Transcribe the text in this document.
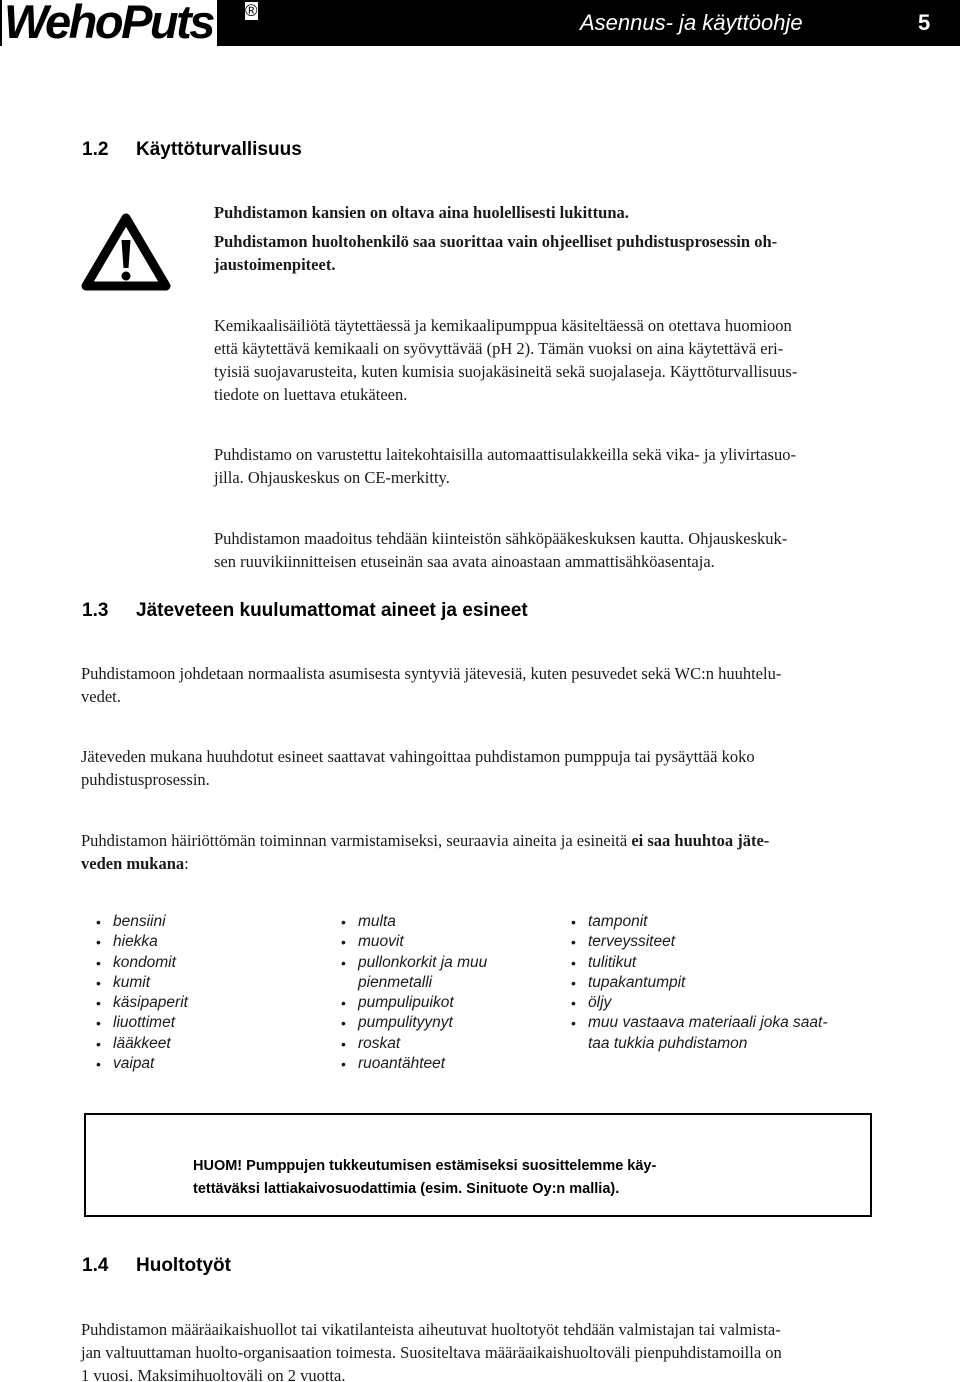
WehoPuts ®	Asennus- ja käyttöohje	5
1.2 Käyttöturvallisuus
Puhdistamon kansien on oltava aina huolellisesti lukittuna.
Puhdistamon huoltohenkilö saa suorittaa vain ohjeelliset puhdistusprosessin oh-
jaustoimenpiteet.
Kemikaalisäiliötä täytettäessä ja kemikaalipumppua käsiteltäessä on otettava huomioon
että käytettävä kemikaali on syövyttävää (pH 2). Tämän vuoksi on aina käytettävä eri-
tyisiä suojavarusteita, kuten kumisia suojakäsineitä sekä suojalaseja. Käyttöturvallisuus-
tiedote on luettava etukäteen.
Puhdistamo on varustettu laitekohtaisilla automaattisulakkeilla sekä vika- ja ylivirtasuo-
jilla. Ohjauskeskus on CE-merkitty.
Puhdistamon maadoitus tehdään kiinteistön sähköpääkeskuksen kautta. Ohjauskeskuk-
sen ruuvikiinnitteisen etuseinän saa avata ainoastaan ammattisähköasentaja.
1.3 Jäteveteen kuulumattomat aineet ja esineet
Puhdistamoon johdetaan normaalista asumisesta syntyviä jätevesiä, kuten pesuvedet sekä WC:n huuhtelu-
vedet.
Jäteveden mukana huuhdotut esineet saattavat vahingoittaa puhdistamon pumppuja tai pysäyttää koko
puhdistusprosessin.
Puhdistamon häiriöttömän toiminnan varmistamiseksi, seuraavia aineita ja esineitä ei saa huuhtoa jäte-
veden mukana:
• bensiini
• hiekka
• kondomit
• kumit
• käsipaperit
• liuottimet
• lääkkeet
• vaipat
• multa
• muovit
• pullonkorkit ja muu
pienmetalli
• pumpulipuikot
• pumpulityynyt
• roskat
• ruoantähteet
• tamponit
• terveyssiteet
• tulitikut
• tupakantumpit
• öljy
• muu vastaava materiaali joka saat-
taa tukkia puhdistamon
HUOM! Pumppujen tukkeutumisen estämiseksi suosittelemme käy-
tettäväksi lattiakaivosuodattimia (esim. Sinituote Oy:n mallia).
1.4 Huoltotyöt
Puhdistamon määräaikaishuollot tai vikatilanteista aiheutuvat huoltotyöt tehdään valmistajan tai valmista-
jan valtuuttaman huolto-organisaation toimesta. Suositeltava määräaikaishuoltoväli pienpuhdistamoilla on
1 vuosi. Maksimihuoltoväli on 2 vuotta.
